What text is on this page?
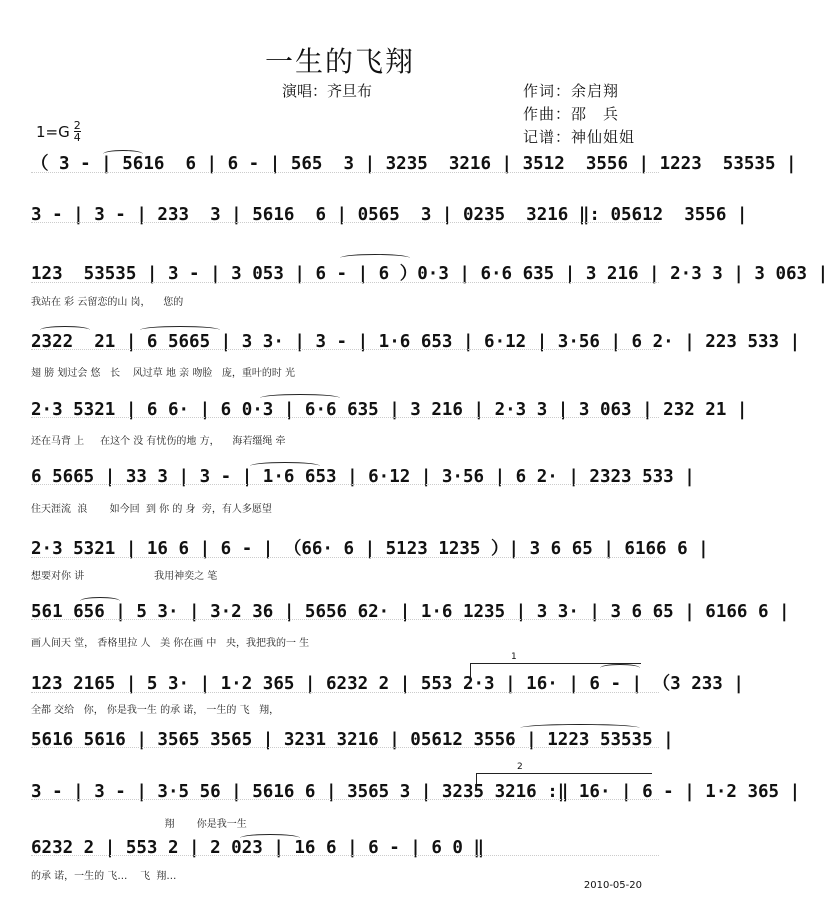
一生的飞翔
演唱：齐旦布	作词：余启翔
作曲：邵　兵
记谱：神仙姐姐
$1=G \frac{2}{4}$
（ 3 - | 5616  6 | 6 - | 565  3 | 3235  3216 | 3512  3556 | 1223  53535 |
3 - | 3 - | 233  3 | 5616  6 | 0565  3 | 0235  3216 ‖: 05612  3556 |
123  53535 | 3 - | 3 053 | 6 - | 6 ）0·3 | 6·6 635 | 3 216 | 2·3 3 | 3 063 |
我站在 彩 云留恋的山 岗，    您的
2322  21 | 6 5665 | 3 3· | 3 - | 1·6 653 | 6·12 | 3·56 | 6 2· | 223 533 |
翅 膀 划过会 悠   长    风过草 地 亲 吻脸   庞，重叶的时 光
2·3 5321 | 6 6· | 6 0·3 | 6·6 635 | 3 216 | 2·3 3 | 3 063 | 232 21 |
还在马背 上     在这个 没 有忧伤的地 方，    海若缰绳 牵
6 5665 | 33 3 | 3 - | 1·6 653 | 6·12 | 3·56 | 6 2· | 2323 533 |
住天涯流  浪       如今回  到 你 的 身  旁，有人多愿望
2·3 5321 | 16 6 | 6 - | （66· 6 | 5123 1235 ）| 3 6 65 | 6166 6 |
想要对你 讲                      我用神奕之 笔
561 656 | 5 3· | 3·2 36 | 5656 62· | 1·6 1235 | 3 3· | 3 6 65 | 6166 6 |
画人间天 堂， 香格里拉 人   美 你在画 中   央，我把我的一 生
1
123 2165 | 5 3· | 1·2 365 | 6232 2 | 553 2·3 | 16· | 6 - | （3 233 |
全都 交给   你， 你是我一生 的承 诺， 一生的 飞   翔，
5616 5616 | 3565 3565 | 3231 3216 | 05612 3556 | 1223 53535 |
2
3 - | 3 - | 3·5 56 | 5616 6 | 3565 3 | 3235 3216 :‖ 16· | 6 - | 1·2 365 |
翔       你是我一生
6232 2 | 553 2 | 2 023 | 16 6 | 6 - | 6 0 ‖
的承 诺，一生的 飞…    飞  翔…
2010-05-20
